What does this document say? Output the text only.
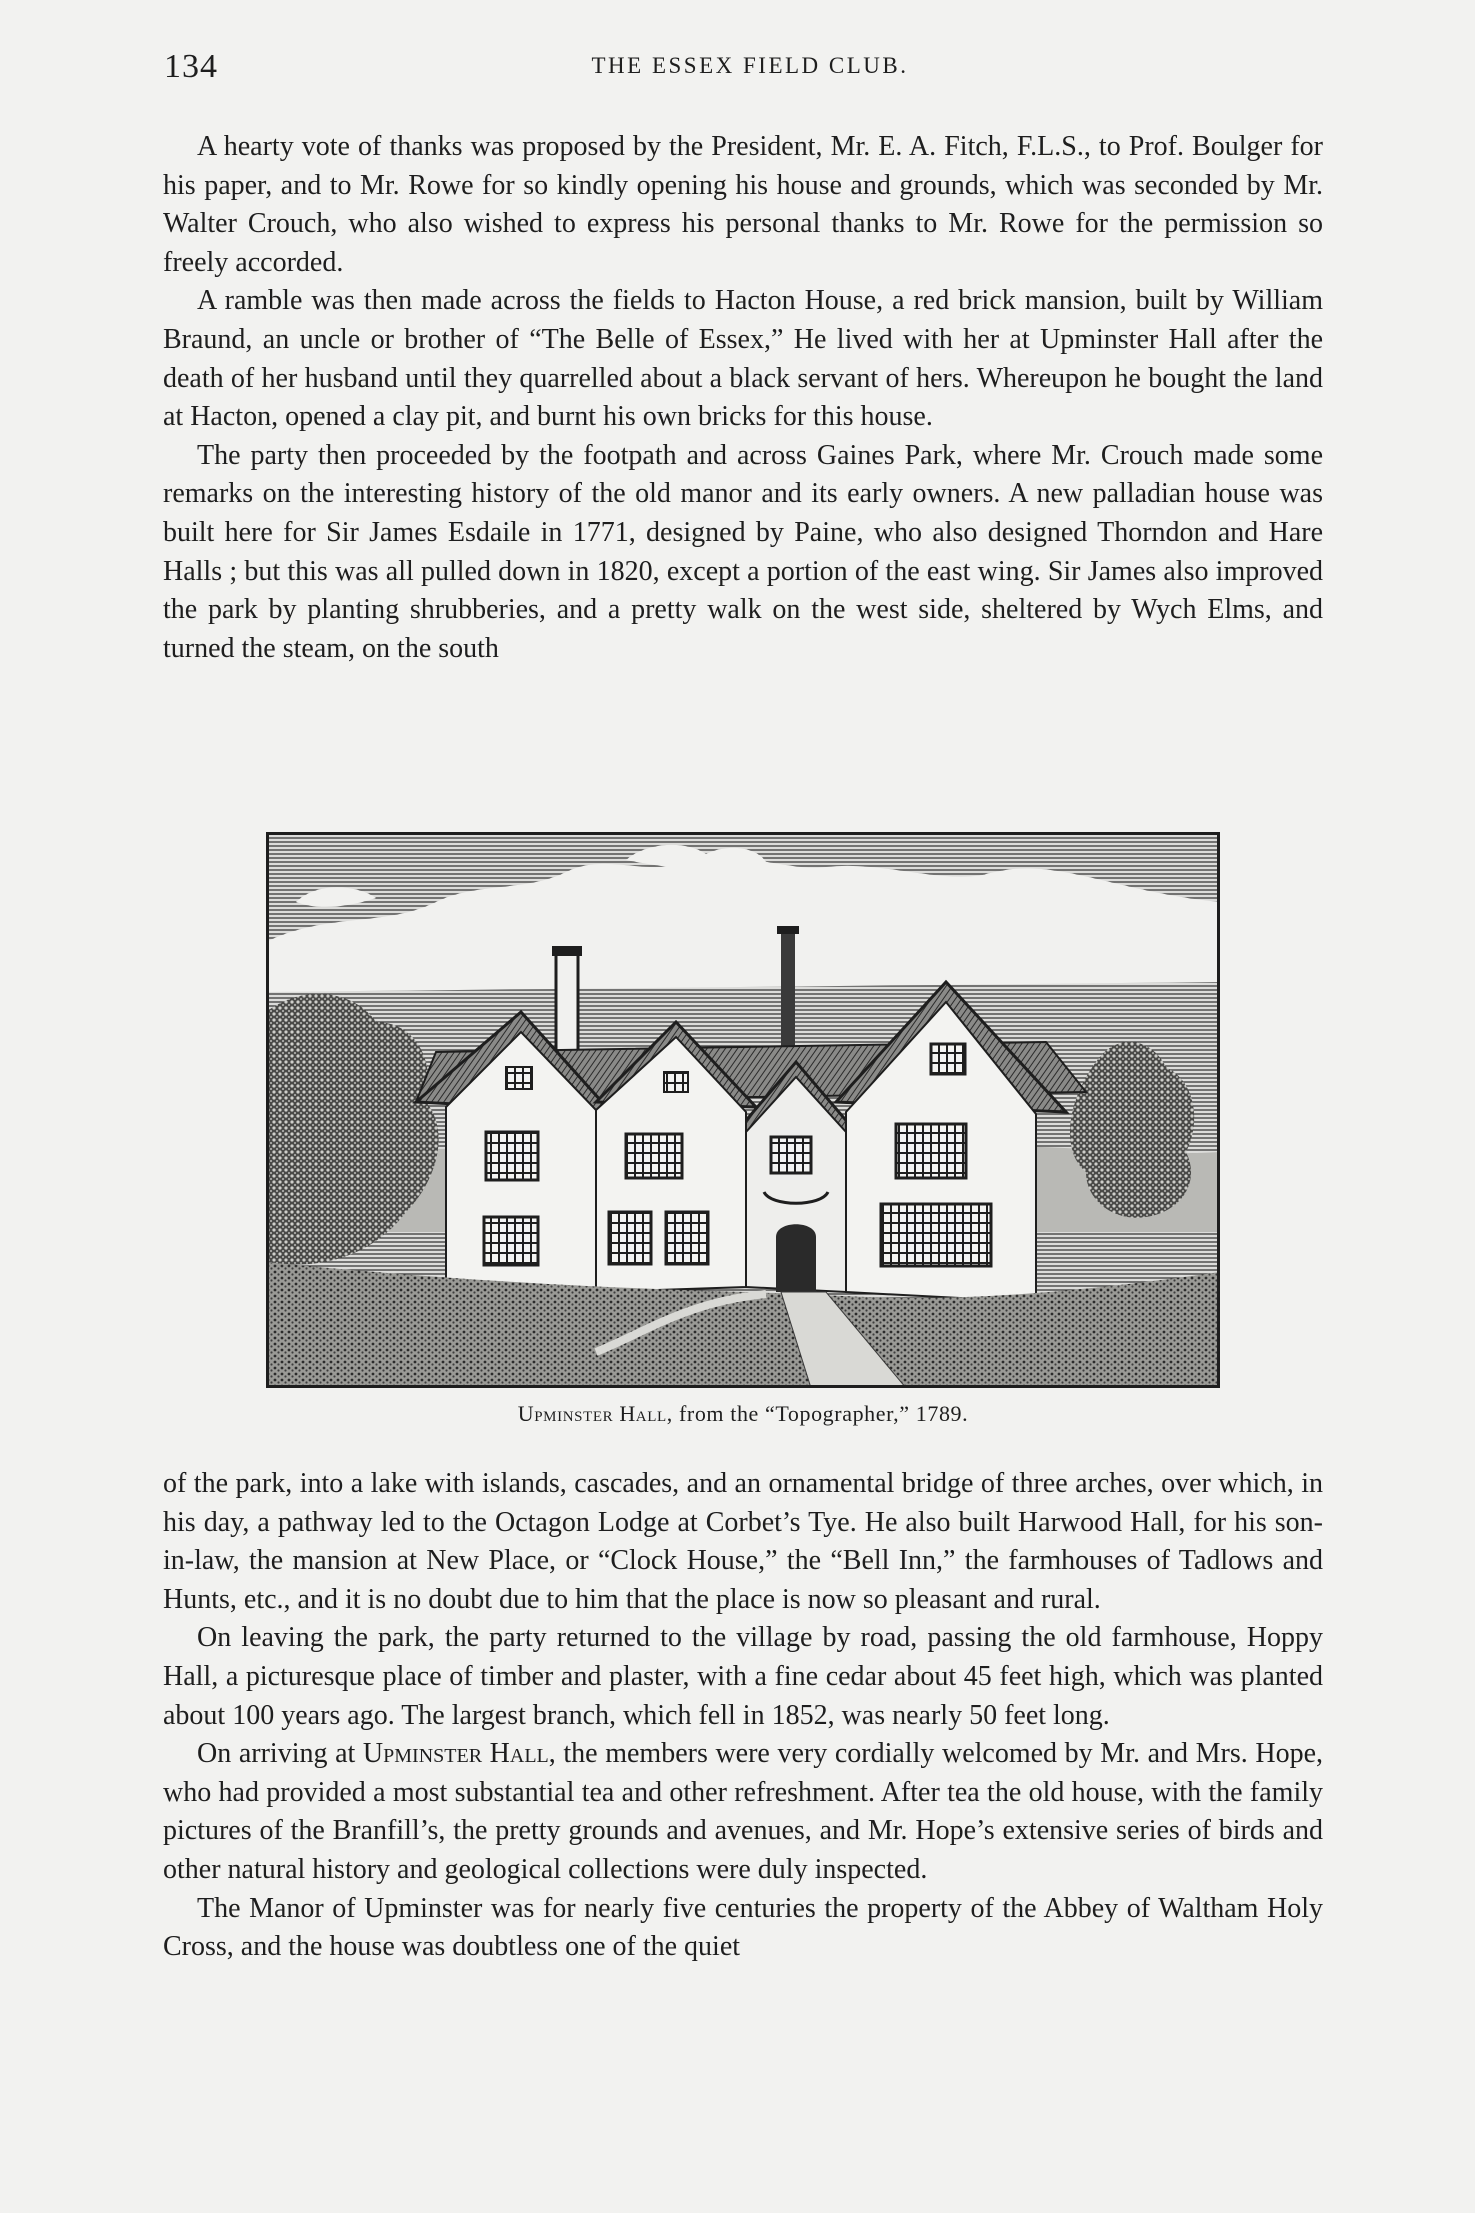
134	THE ESSEX FIELD CLUB.

A hearty vote of thanks was proposed by the President, Mr. E. A. Fitch, F.L.S., to Prof. Boulger for his paper, and to Mr. Rowe for so kindly opening his house and grounds, which was seconded by Mr. Walter Crouch, who also wished to express his personal thanks to Mr. Rowe for the permission so freely accorded.

A ramble was then made across the fields to Hacton House, a red brick mansion, built by William Braund, an uncle or brother of “The Belle of Essex,” He lived with her at Upminster Hall after the death of her husband until they quarrelled about a black servant of hers. Whereupon he bought the land at Hacton, opened a clay pit, and burnt his own bricks for this house.

The party then proceeded by the footpath and across Gaines Park, where Mr. Crouch made some remarks on the interesting history of the old manor and its early owners. A new palladian house was built here for Sir James Esdaile in 1771, designed by Paine, who also designed Thorndon and Hare Halls ; but this was all pulled down in 1820, except a portion of the east wing. Sir James also improved the park by planting shrubberies, and a pretty walk on the west side, sheltered by Wych Elms, and turned the steam, on the south

Upminster Hall, from the “Topographer,” 1789.

of the park, into a lake with islands, cascades, and an ornamental bridge of three arches, over which, in his day, a pathway led to the Octagon Lodge at Corbet’s Tye. He also built Harwood Hall, for his son-in-law, the mansion at New Place, or “Clock House,” the “Bell Inn,” the farmhouses of Tadlows and Hunts, etc., and it is no doubt due to him that the place is now so pleasant and rural.

On leaving the park, the party returned to the village by road, passing the old farmhouse, Hoppy Hall, a picturesque place of timber and plaster, with a fine cedar about 45 feet high, which was planted about 100 years ago. The largest branch, which fell in 1852, was nearly 50 feet long.

On arriving at Upminster Hall, the members were very cordially welcomed by Mr. and Mrs. Hope, who had provided a most substantial tea and other refreshment. After tea the old house, with the family pictures of the Branfill’s, the pretty grounds and avenues, and Mr. Hope’s extensive series of birds and other natural history and geological collections were duly inspected.

The Manor of Upminster was for nearly five centuries the property of the Abbey of Waltham Holy Cross, and the house was doubtless one of the quiet
